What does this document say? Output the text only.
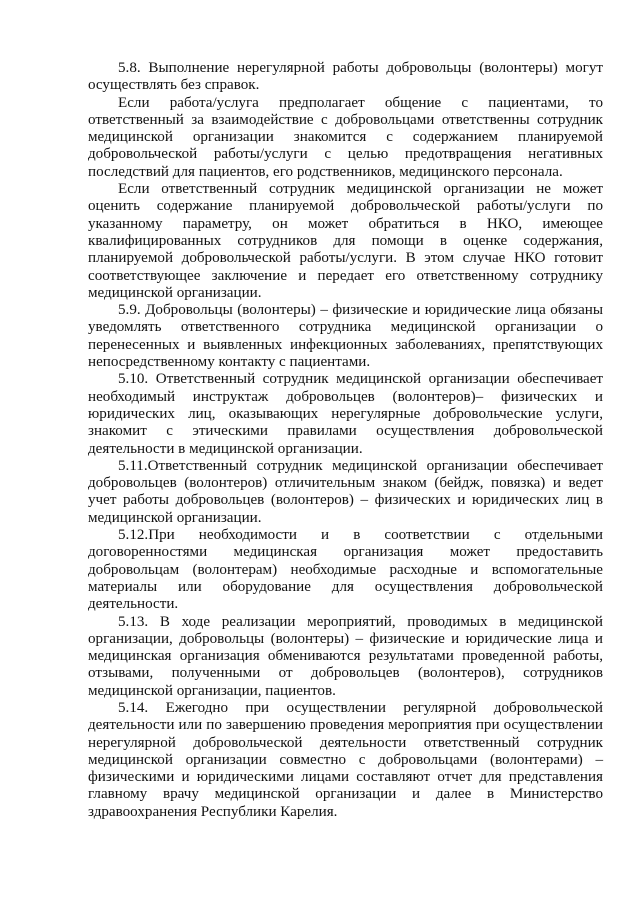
5.8. Выполнение нерегулярной работы добровольцы (волонтеры) могут осуществлять без справок.

Если работа/услуга предполагает общение с пациентами, то ответственный за взаимодействие с добровольцами ответственны сотрудник медицинской организации знакомится с содержанием планируемой добровольческой работы/услуги с целью предотвращения негативных последствий для пациентов, его родственников, медицинского персонала.

Если ответственный сотрудник медицинской организации не может оценить содержание планируемой добровольческой работы/услуги по указанному параметру, он может обратиться в НКО, имеющее квалифицированных сотрудников для помощи в оценке содержания, планируемой добровольческой работы/услуги. В этом случае НКО готовит соответствующее заключение и передает его ответственному сотруднику медицинской организации.

5.9. Добровольцы (волонтеры) – физические и юридические лица обязаны уведомлять ответственного сотрудника медицинской организации о перенесенных и выявленных инфекционных заболеваниях, препятствующих непосредственному контакту с пациентами.

5.10. Ответственный сотрудник медицинской организации обеспечивает необходимый инструктаж добровольцев (волонтеров)– физических и юридических лиц, оказывающих нерегулярные добровольческие услуги, знакомит с этическими правилами осуществления добровольческой деятельности в медицинской организации.

5.11.Ответственный сотрудник медицинской организации обеспечивает добровольцев (волонтеров) отличительным знаком (бейдж, повязка) и ведет учет работы добровольцев (волонтеров) – физических и юридических лиц в медицинской организации.

5.12.При необходимости и в соответствии с отдельными договоренностями медицинская организация может предоставить добровольцам (волонтерам) необходимые расходные и вспомогательные материалы или оборудование для осуществления добровольческой деятельности.

5.13. В ходе реализации мероприятий, проводимых в медицинской организации, добровольцы (волонтеры) – физические и юридические лица и медицинская организация обмениваются результатами проведенной работы, отзывами, полученными от добровольцев (волонтеров), сотрудников медицинской организации, пациентов.

5.14. Ежегодно при осуществлении регулярной добровольческой деятельности или по завершению проведения мероприятия при осуществлении нерегулярной добровольческой деятельности ответственный сотрудник медицинской организации совместно с добровольцами (волонтерами) – физическими и юридическими лицами составляют отчет для представления главному врачу медицинской организации и далее в Министерство здравоохранения Республики Карелия.
